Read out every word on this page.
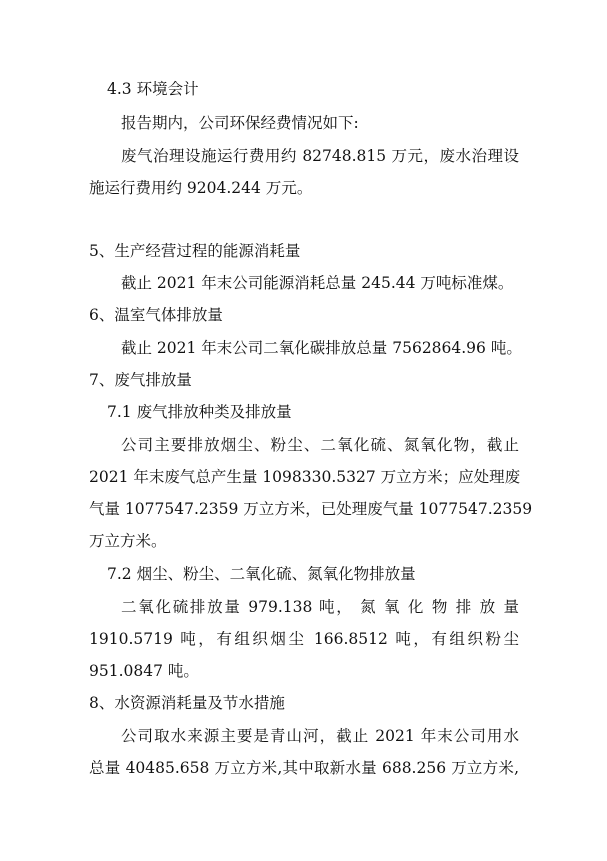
4.3 环境会计
报告期内，公司环保经费情况如下:
废气治理设施运行费用约 82748.815 万元，废水治理设
施运行费用约 9204.244 万元。
5、生产经营过程的能源消耗量
截止 2021 年末公司能源消耗总量 245.44 万吨标准煤。
6、温室气体排放量
截止 2021 年末公司二氧化碳排放总量 7562864.96 吨。
7、废气排放量
7.1 废气排放种类及排放量
公司主要排放烟尘、粉尘、二氧化硫、氮氧化物，截止
2021 年末废气总产生量 1098330.5327 万立方米；应处理废
气量 1077547.2359 万立方米，已处理废气量 1077547.2359
万立方米。
7.2 烟尘、粉尘、二氧化硫、氮氧化物排放量
二氧化硫排放量 979.138 吨， 氮 氧 化 物 排 放 量
1910.5719 吨，有组织烟尘 166.8512 吨，有组织粉尘
951.0847 吨。
8、水资源消耗量及节水措施
公司取水来源主要是青山河，截止 2021 年末公司用水
总量 40485.658 万立方米,其中取新水量 688.256 万立方米,
